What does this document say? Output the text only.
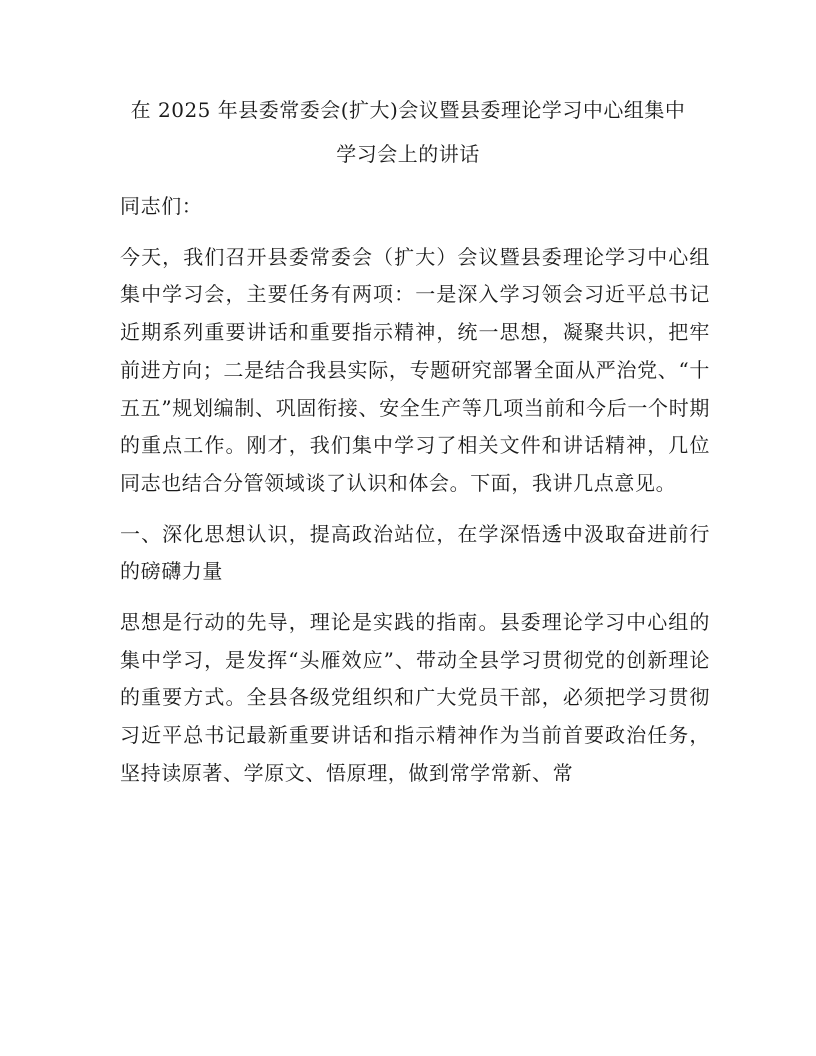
在 2025 年县委常委会(扩大)会议暨县委理论学习中心组集中
学习会上的讲话

同志们：

今天，我们召开县委常委会（扩大）会议暨县委理论学习中心组集中学习会，主要任务有两项：一是深入学习领会习近平总书记近期系列重要讲话和重要指示精神，统一思想，凝聚共识，把牢前进方向；二是结合我县实际，专题研究部署全面从严治党、“十五五”规划编制、巩固衔接、安全生产等几项当前和今后一个时期的重点工作。刚才，我们集中学习了相关文件和讲话精神，几位同志也结合分管领域谈了认识和体会。下面，我讲几点意见。

一、深化思想认识，提高政治站位，在学深悟透中汲取奋进前行的磅礴力量

思想是行动的先导，理论是实践的指南。县委理论学习中心组的集中学习，是发挥“头雁效应”、带动全县学习贯彻党的创新理论的重要方式。全县各级党组织和广大党员干部，必须把学习贯彻习近平总书记最新重要讲话和指示精神作为当前首要政治任务，坚持读原著、学原文、悟原理，做到常学常新、常
